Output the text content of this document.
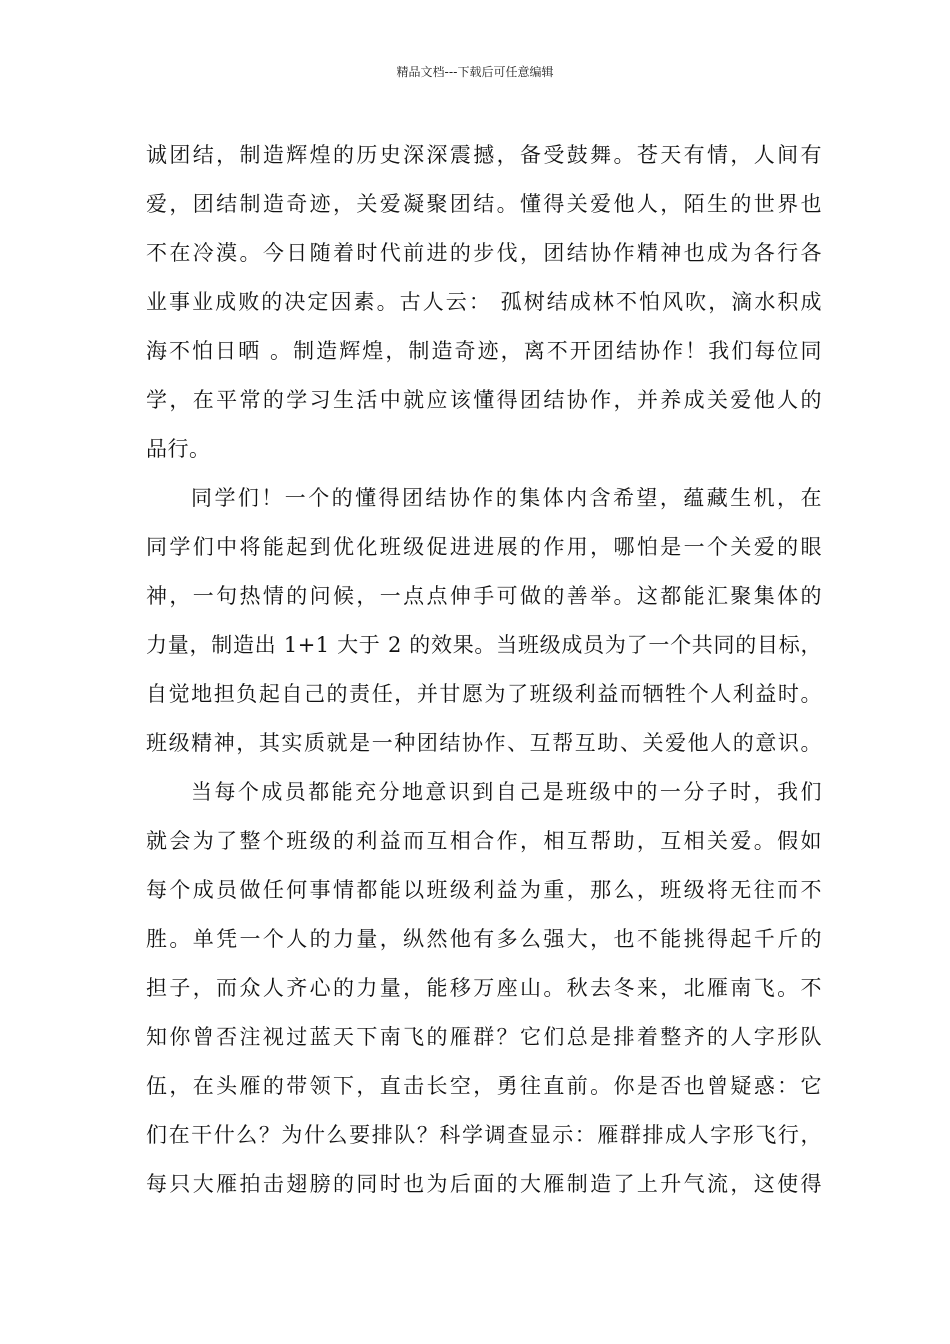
精品文档---下载后可任意编辑
诚团结，制造辉煌的历史深深震撼，备受鼓舞。苍天有情，人间有
爱，团结制造奇迹，关爱凝聚团结。懂得关爱他人，陌生的世界也
不在冷漠。今日随着时代前进的步伐，团结协作精神也成为各行各
业事业成败的决定因素。古人云： 孤树结成林不怕风吹，滴水积成
海不怕日晒 。制造辉煌，制造奇迹，离不开团结协作！我们每位同
学，在平常的学习生活中就应该懂得团结协作，并养成关爱他人的
品行。
同学们！一个的懂得团结协作的集体内含希望，蕴藏生机，在
同学们中将能起到优化班级促进进展的作用，哪怕是一个关爱的眼
神，一句热情的问候，一点点伸手可做的善举。这都能汇聚集体的
力量，制造出 1+1 大于 2 的效果。当班级成员为了一个共同的目标，
自觉地担负起自己的责任，并甘愿为了班级利益而牺牲个人利益时。
班级精神，其实质就是一种团结协作、互帮互助、关爱他人的意识。
当每个成员都能充分地意识到自己是班级中的一分子时，我们
就会为了整个班级的利益而互相合作，相互帮助，互相关爱。假如
每个成员做任何事情都能以班级利益为重，那么，班级将无往而不
胜。单凭一个人的力量，纵然他有多么强大，也不能挑得起千斤的
担子，而众人齐心的力量，能移万座山。秋去冬来，北雁南飞。不
知你曾否注视过蓝天下南飞的雁群？它们总是排着整齐的人字形队
伍，在头雁的带领下，直击长空，勇往直前。你是否也曾疑惑：它
们在干什么？为什么要排队？科学调查显示：雁群排成人字形飞行，
每只大雁拍击翅膀的同时也为后面的大雁制造了上升气流，这使得
